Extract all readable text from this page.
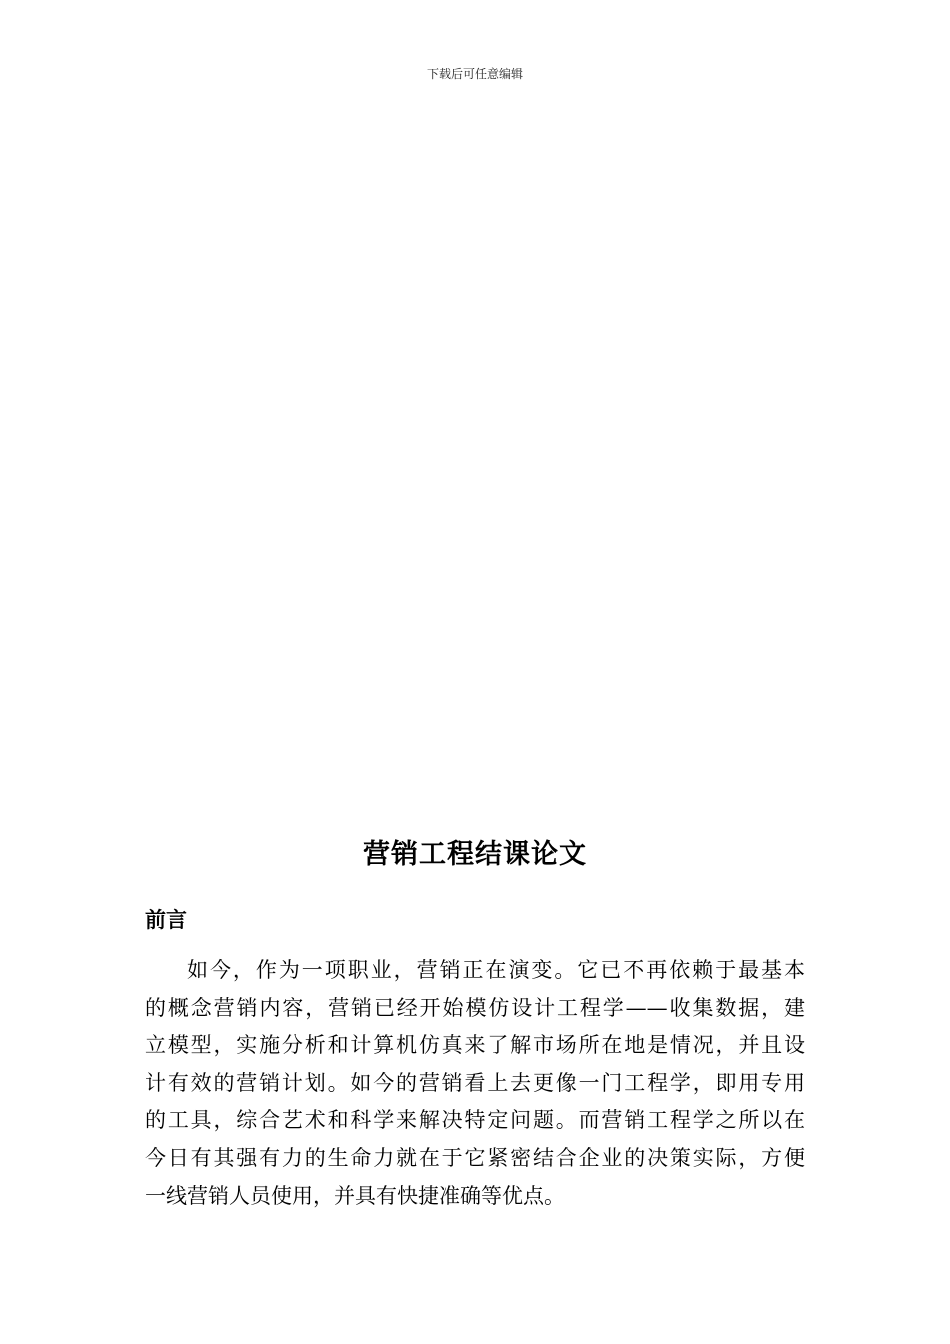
下载后可任意编辑
营销工程结课论文
前言
如今，作为一项职业，营销正在演变。它已不再依赖于最基本
的概念营销内容，营销已经开始模仿设计工程学——收集数据，建
立模型，实施分析和计算机仿真来了解市场所在地是情况，并且设
计有效的营销计划。如今的营销看上去更像一门工程学，即用专用
的工具，综合艺术和科学来解决特定问题。而营销工程学之所以在
今日有其强有力的生命力就在于它紧密结合企业的决策实际，方便
一线营销人员使用，并具有快捷准确等优点。
